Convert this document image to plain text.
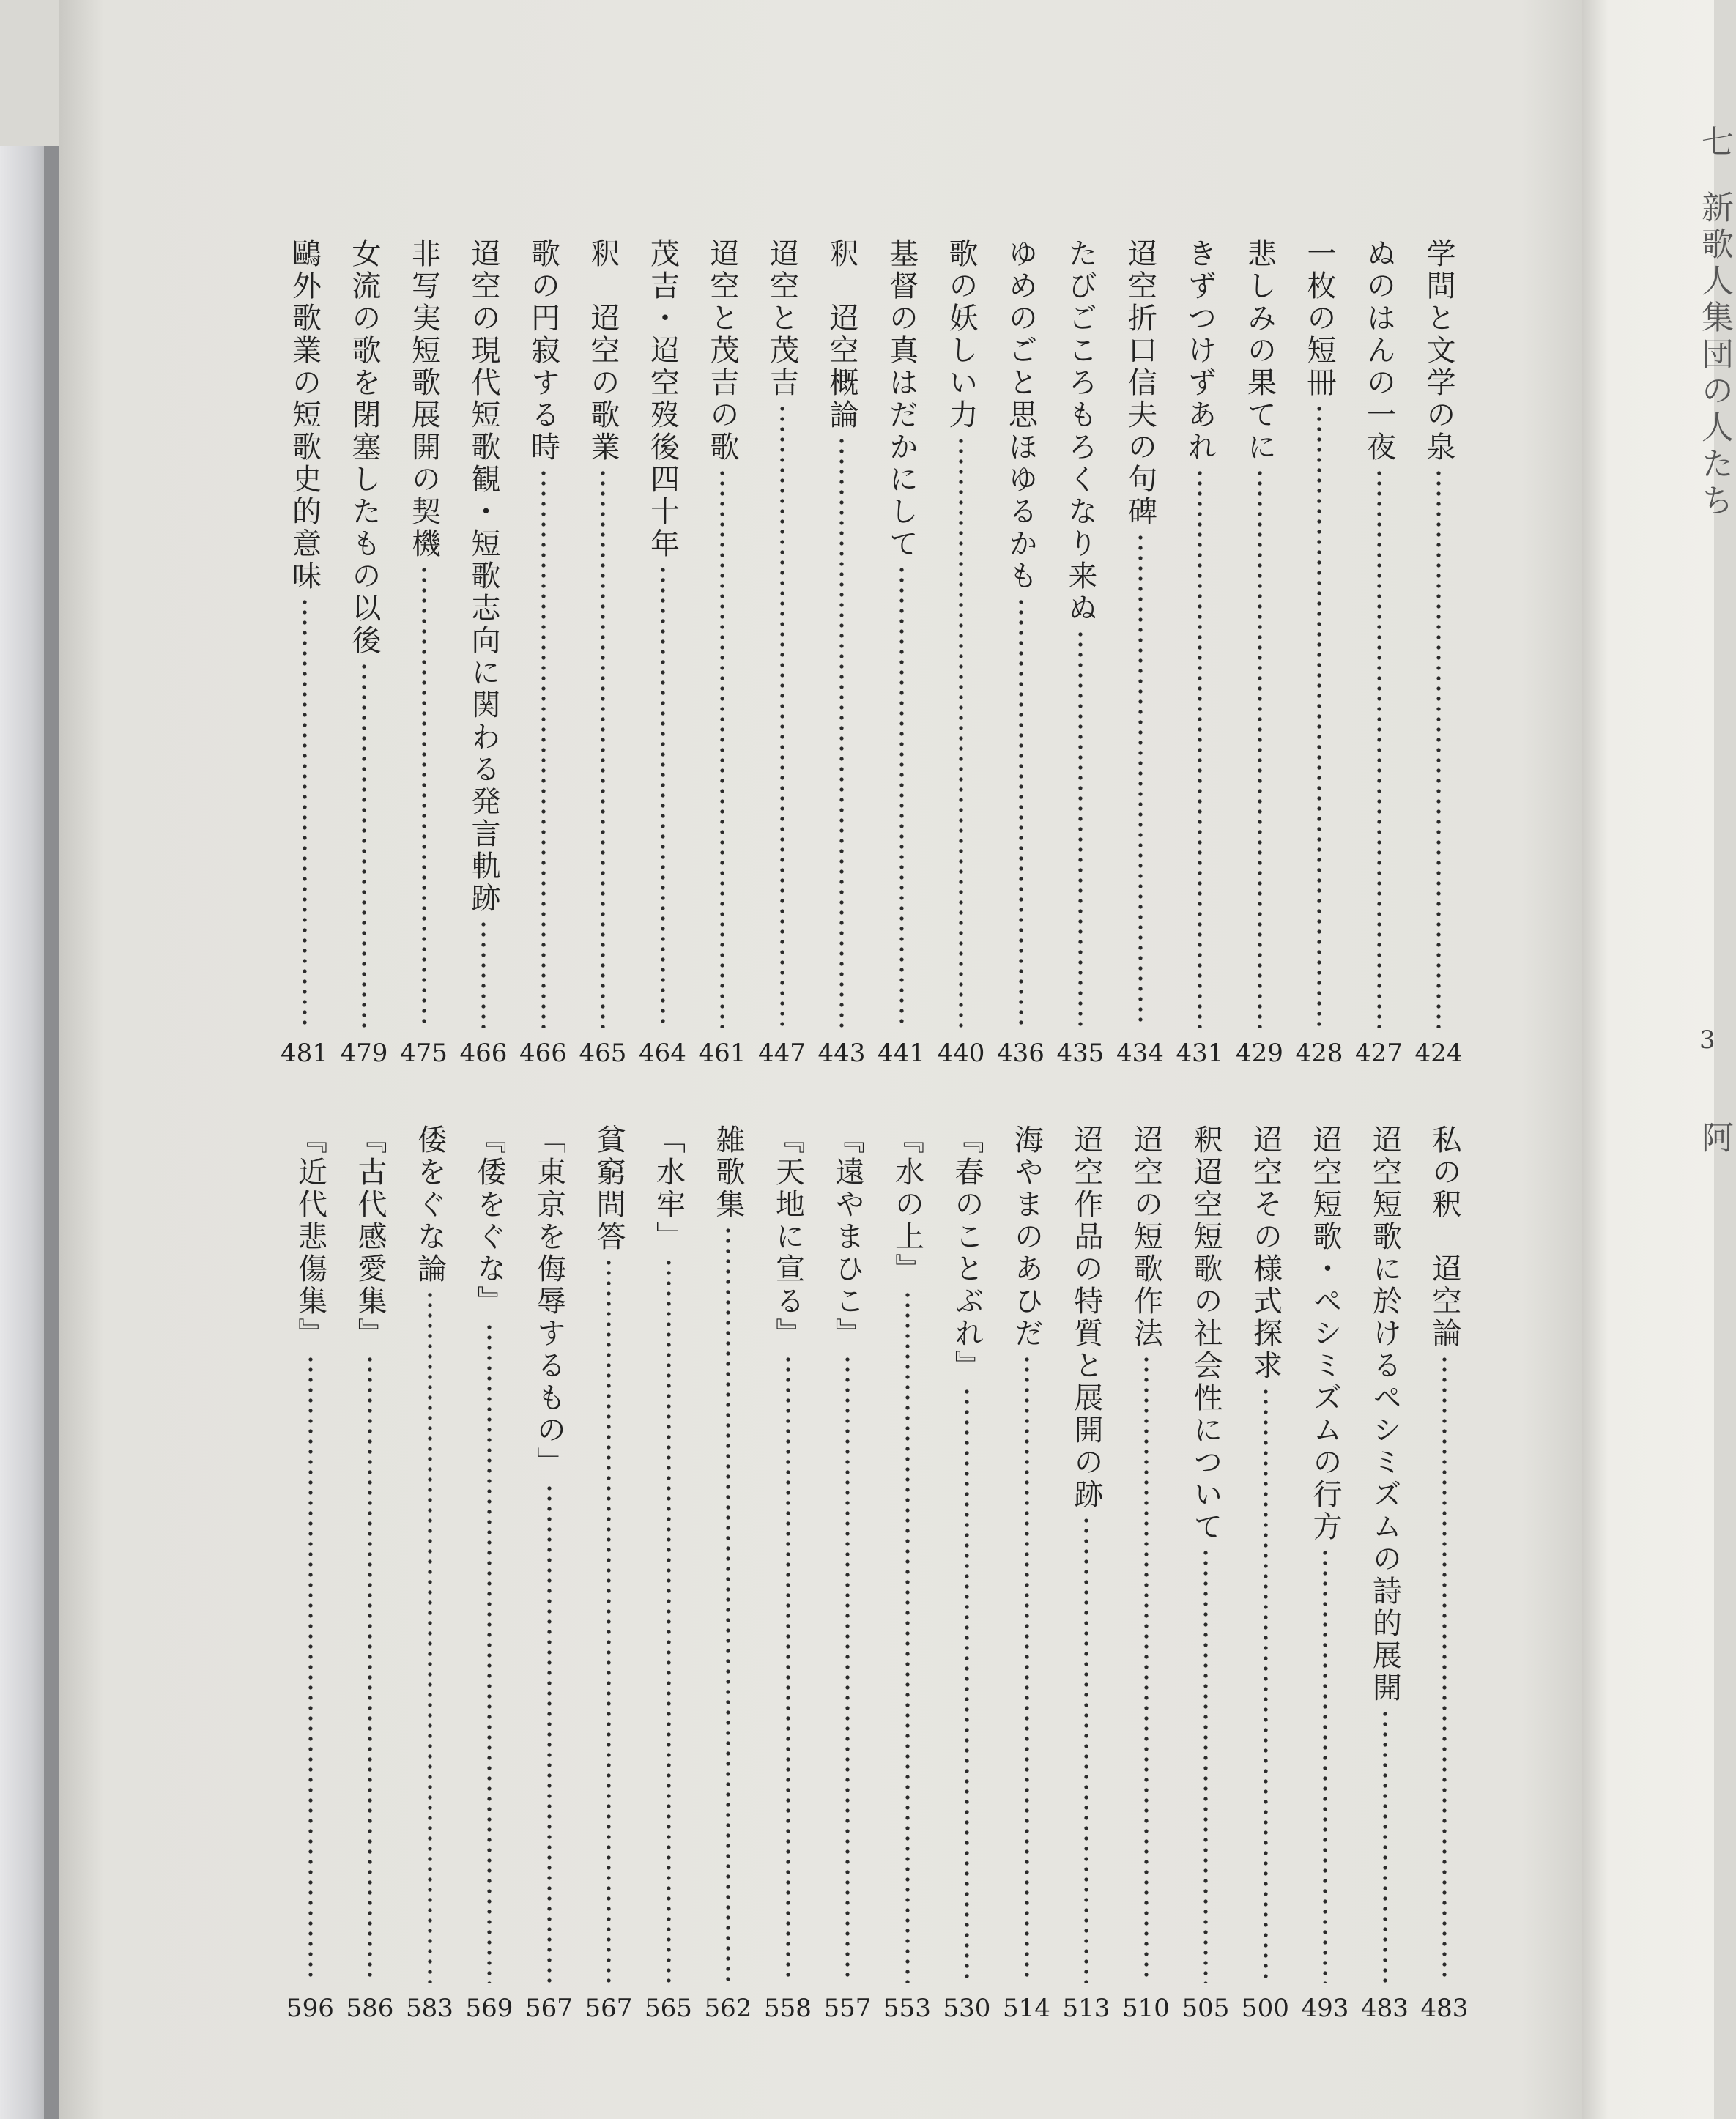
学問と文学の泉
424
ぬのはんの一夜
427
一枚の短冊
428
悲しみの果てに
429
きずつけずあれ
431
迢空折口信夫の句碑
434
たびごころもろくなり来ぬ
435
ゆめのごと思ほゆるかも
436
歌の妖しい力
440
基督の真はだかにして
441
釈　迢空概論
443
迢空と茂吉
447
迢空と茂吉の歌
461
茂吉・迢空歿後四十年
464
釈　迢空の歌業
465
歌の円寂する時
466
迢空の現代短歌観・短歌志向に関わる発言軌跡
466
非写実短歌展開の契機
475
女流の歌を閉塞したもの以後
479
鷗外歌業の短歌史的意味
481
私の釈　迢空論
483
迢空短歌に於けるペシミズムの詩的展開
483
迢空短歌・ペシミズムの行方
493
迢空その様式探求
500
釈迢空短歌の社会性について
505
迢空の短歌作法
510
迢空作品の特質と展開の跡
513
海やまのあひだ
514
『春のことぶれ』
530
『水の上』
553
『遠やまひこ』
557
『天地に宣る』
558
雑歌集
562
「水牢」
565
貧窮問答
567
「東京を侮辱するもの」
567
『倭をぐな』
569
倭をぐな論
583
『古代感愛集』
586
『近代悲傷集』
596
七
新歌人集団の人たち
3
阿
